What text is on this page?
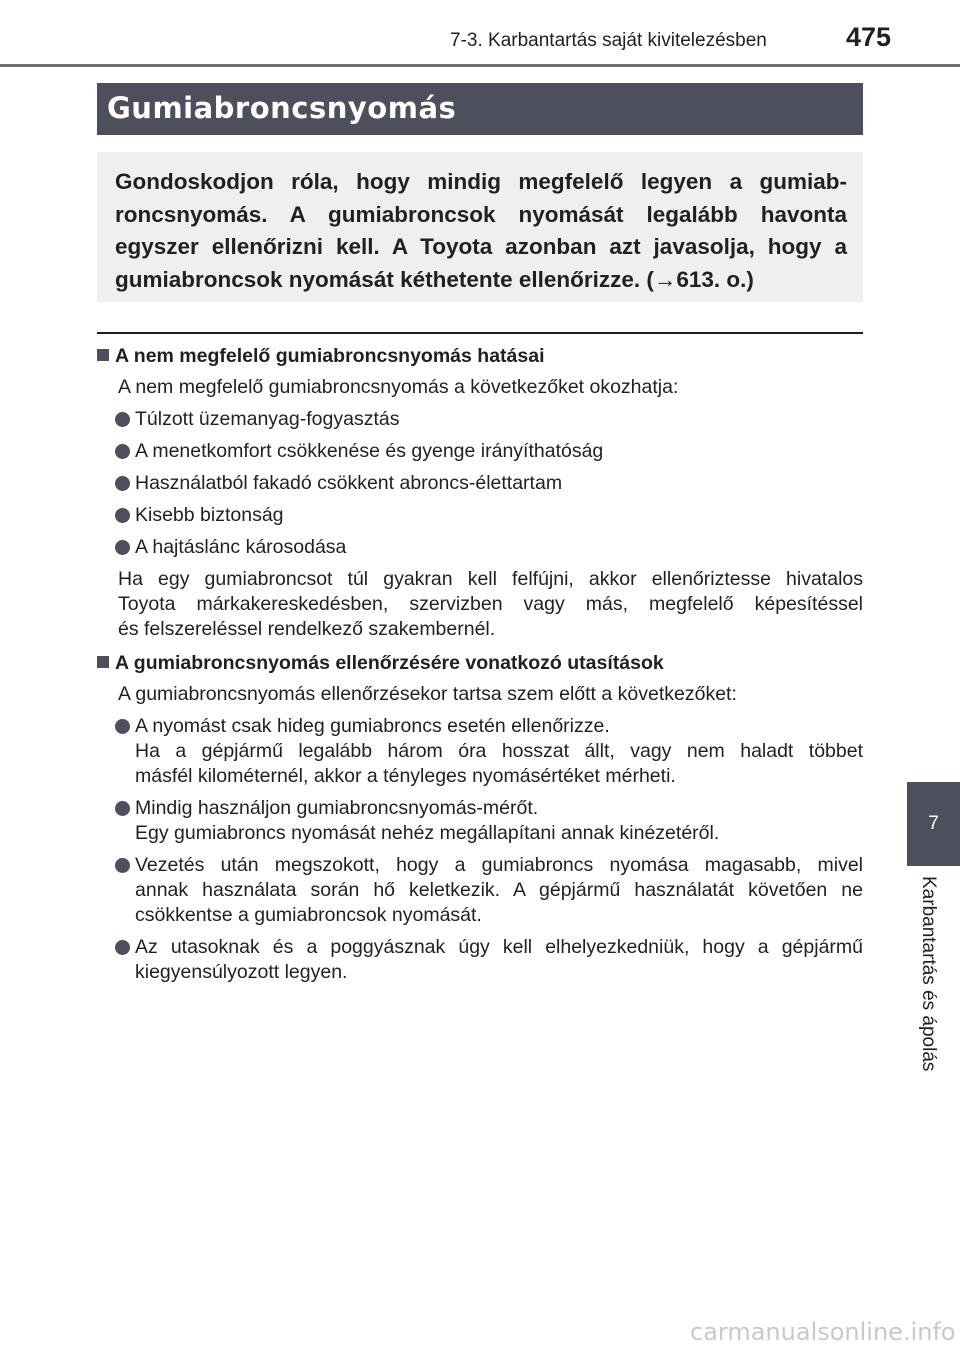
7-3. Karbantartás saját kivitelezésben	475
Gumiabroncsnyomás

Gondoskodjon róla, hogy mindig megfelelő legyen a gumiab-
roncsnyomás. A gumiabroncsok nyomását legalább havonta
egyszer ellenőrizni kell. A Toyota azonban azt javasolja, hogy a
gumiabroncsok nyomását kéthetente ellenőrizze. (→613. o.)

A nem megfelelő gumiabroncsnyomás hatásai
A nem megfelelő gumiabroncsnyomás a következőket okozhatja:
Túlzott üzemanyag-fogyasztás
A menetkomfort csökkenése és gyenge irányíthatóság
Használatból fakadó csökkent abroncs-élettartam
Kisebb biztonság
A hajtáslánc károsodása
Ha egy gumiabroncsot túl gyakran kell felfújni, akkor ellenőriztesse hivatalos
Toyota márkakereskedésben, szervizben vagy más, megfelelő képesítéssel
és felszereléssel rendelkező szakembernél.
A gumiabroncsnyomás ellenőrzésére vonatkozó utasítások
A gumiabroncsnyomás ellenőrzésekor tartsa szem előtt a következőket:
A nyomást csak hideg gumiabroncs esetén ellenőrizze.
Ha a gépjármű legalább három óra hosszat állt, vagy nem haladt többet
másfél kilométernél, akkor a tényleges nyomásértéket mérheti.
Mindig használjon gumiabroncsnyomás-mérőt.
Egy gumiabroncs nyomását nehéz megállapítani annak kinézetéről.
Vezetés után megszokott, hogy a gumiabroncs nyomása magasabb, mivel
annak használata során hő keletkezik. A gépjármű használatát követően ne
csökkentse a gumiabroncsok nyomását.
Az utasoknak és a poggyásznak úgy kell elhelyezkedniük, hogy a gépjármű
kiegyensúlyozott legyen.
7
Karbantartás és ápolás
carmanualsonline.info
